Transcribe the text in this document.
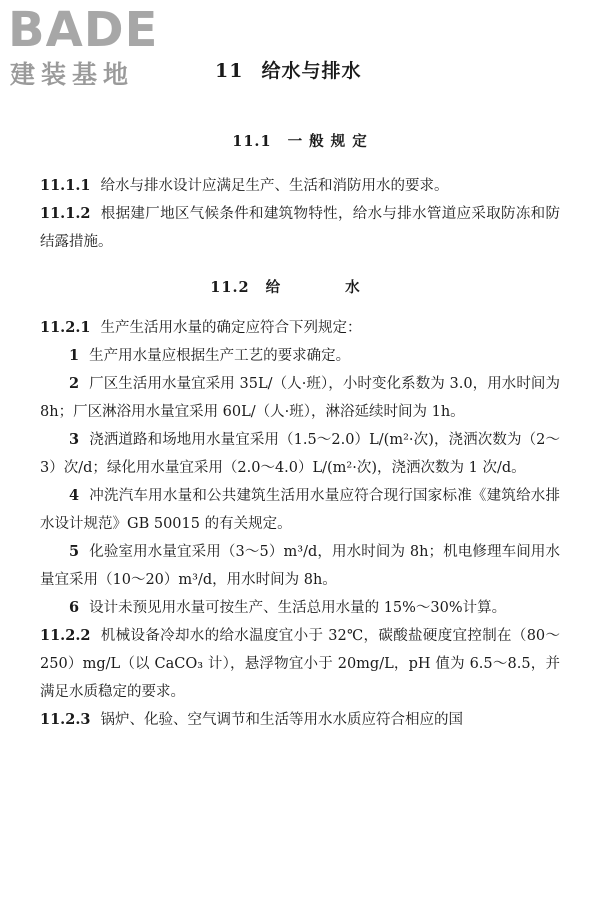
BADE
建装基地	11 给水与排水
11.1 一 般 规 定

11.1.1 给水与排水设计应满足生产、生活和消防用水的要求。

11.1.2 根据建厂地区气候条件和建筑物特性，给水与排水管道应采取防冻和防结露措施。

11.2 给 水

11.2.1 生产生活用水量的确定应符合下列规定：

1 生产用水量应根据生产工艺的要求确定。

2 厂区生活用水量宜采用 35L/（人·班），小时变化系数为 3.0，用水时间为 8h；厂区淋浴用水量宜采用 60L/（人·班），淋浴延续时间为 1h。

3 浇洒道路和场地用水量宜采用（1.5～2.0）L/(m²·次)，浇洒次数为（2～3）次/d；绿化用水量宜采用（2.0～4.0）L/(m²·次)，浇洒次数为 1 次/d。

4 冲洗汽车用水量和公共建筑生活用水量应符合现行国家标准《建筑给水排水设计规范》GB 50015 的有关规定。

5 化验室用水量宜采用（3～5）m³/d，用水时间为 8h；机电修理车间用水量宜采用（10～20）m³/d，用水时间为 8h。

6 设计未预见用水量可按生产、生活总用水量的 15%～30%计算。

11.2.2 机械设备冷却水的给水温度宜小于 32℃，碳酸盐硬度宜控制在（80～250）mg/L（以 CaCO₃ 计），悬浮物宜小于 20mg/L，pH 值为 6.5～8.5，并满足水质稳定的要求。

11.2.3 锅炉、化验、空气调节和生活等用水水质应符合相应的国
